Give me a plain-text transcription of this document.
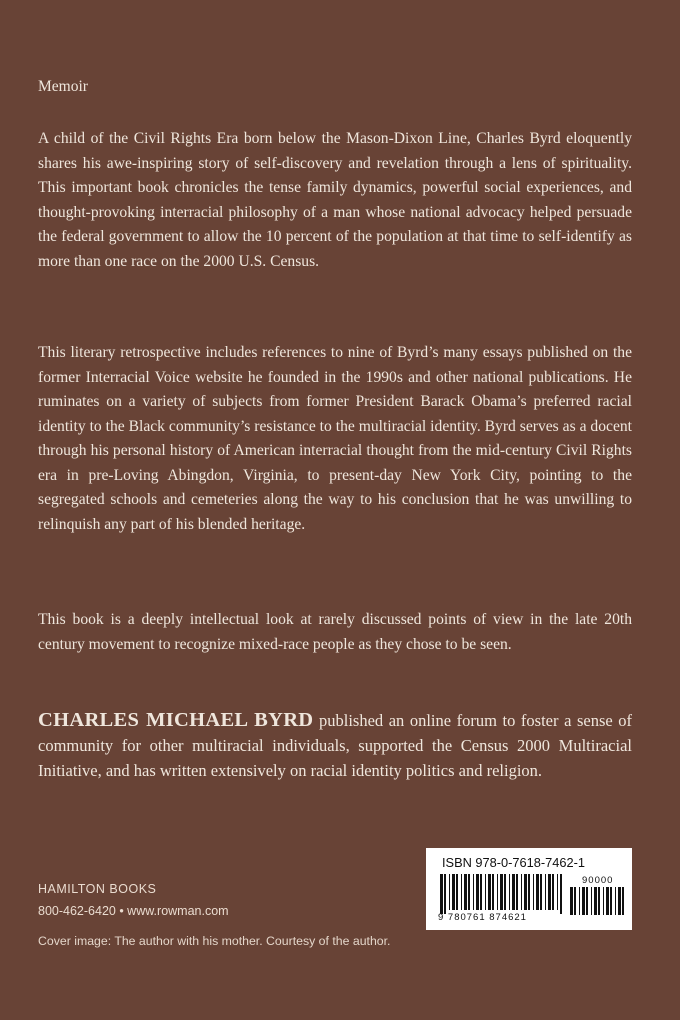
Memoir

A child of the Civil Rights Era born below the Mason-Dixon Line, Charles Byrd eloquently shares his awe-inspiring story of self-discovery and revelation through a lens of spirituality. This important book chronicles the tense family dynamics, powerful social experiences, and thought-provoking interracial philosophy of a man whose national advocacy helped persuade the federal government to allow the 10 percent of the population at that time to self-identify as more than one race on the 2000 U.S. Census.

This literary retrospective includes references to nine of Byrd’s many essays published on the former Interracial Voice website he founded in the 1990s and other national publications. He ruminates on a variety of subjects from former President Barack Obama’s preferred racial identity to the Black community’s resistance to the multiracial identity. Byrd serves as a docent through his personal history of American interracial thought from the mid-century Civil Rights era in pre-Loving Abingdon, Virginia, to present-day New York City, pointing to the segregated schools and cemeteries along the way to his conclusion that he was unwilling to relinquish any part of his blended heritage.

This book is a deeply intellectual look at rarely discussed points of view in the late 20th century movement to recognize mixed-race people as they chose to be seen.

CHARLES MICHAEL BYRD published an online forum to foster a sense of community for other multiracial individuals, supported the Census 2000 Multiracial Initiative, and has written extensively on racial identity politics and religion.

HAMILTON BOOKS
800-462-6420 • www.rowman.com
Cover image: The author with his mother. Courtesy of the author.
ISBN 978-0-7618-7462-1
90000
9 780761 874621
